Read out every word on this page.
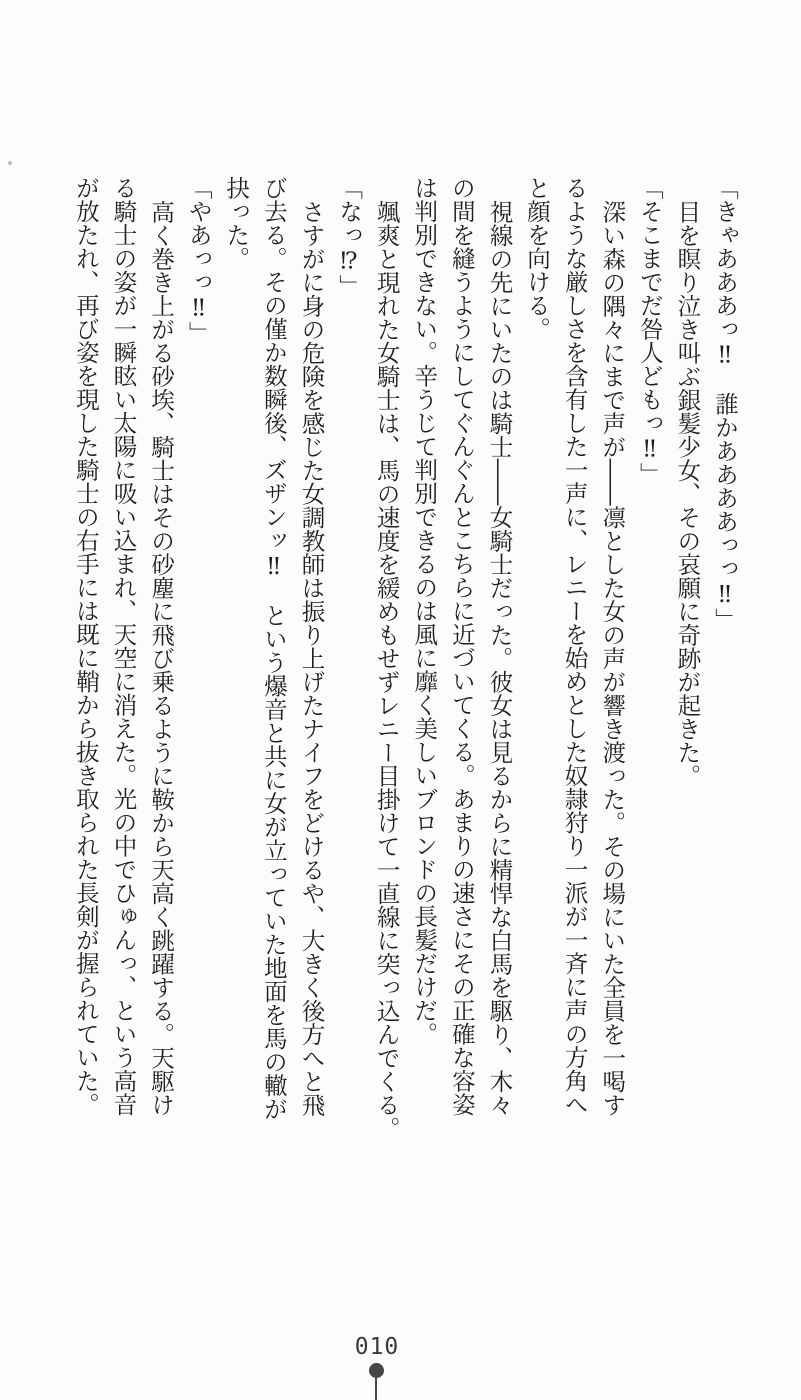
「きゃあああっ‼　誰かああああっっ‼」

目を瞑り泣き叫ぶ銀髪少女、その哀願に奇跡が起きた。

「そこまでだ咎人どもっ‼」

深い森の隅々にまで声が――凛とした女の声が響き渡った。その場にいた全員を一喝す
るような厳しさを含有した一声に、レニーを始めとした奴隷狩り一派が一斉に声の方角へ
と顔を向ける。

視線の先にいたのは騎士――女騎士だった。彼女は見るからに精悍な白馬を駆り、木々
の間を縫うようにしてぐんぐんとこちらに近づいてくる。あまりの速さにその正確な容姿
は判別できない。辛うじて判別できるのは風に靡く美しいブロンドの長髪だけだ。

颯爽と現れた女騎士は、馬の速度を緩めもせずレニー目掛けて一直線に突っ込んでくる。

「なっ⁉」

さすがに身の危険を感じた女調教師は振り上げたナイフをどけるや、大きく後方へと飛
び去る。その僅か数瞬後、ズザンッ‼　という爆音と共に女が立っていた地面を馬の轍が
抉った。

「やあっっ‼」

高く巻き上がる砂埃、騎士はその砂塵に飛び乗るように鞍から天高く跳躍する。天駆け
る騎士の姿が一瞬眩い太陽に吸い込まれ、天空に消えた。光の中でひゅんっ、という高音
が放たれ、再び姿を現した騎士の右手には既に鞘から抜き取られた長剣が握られていた。

010
